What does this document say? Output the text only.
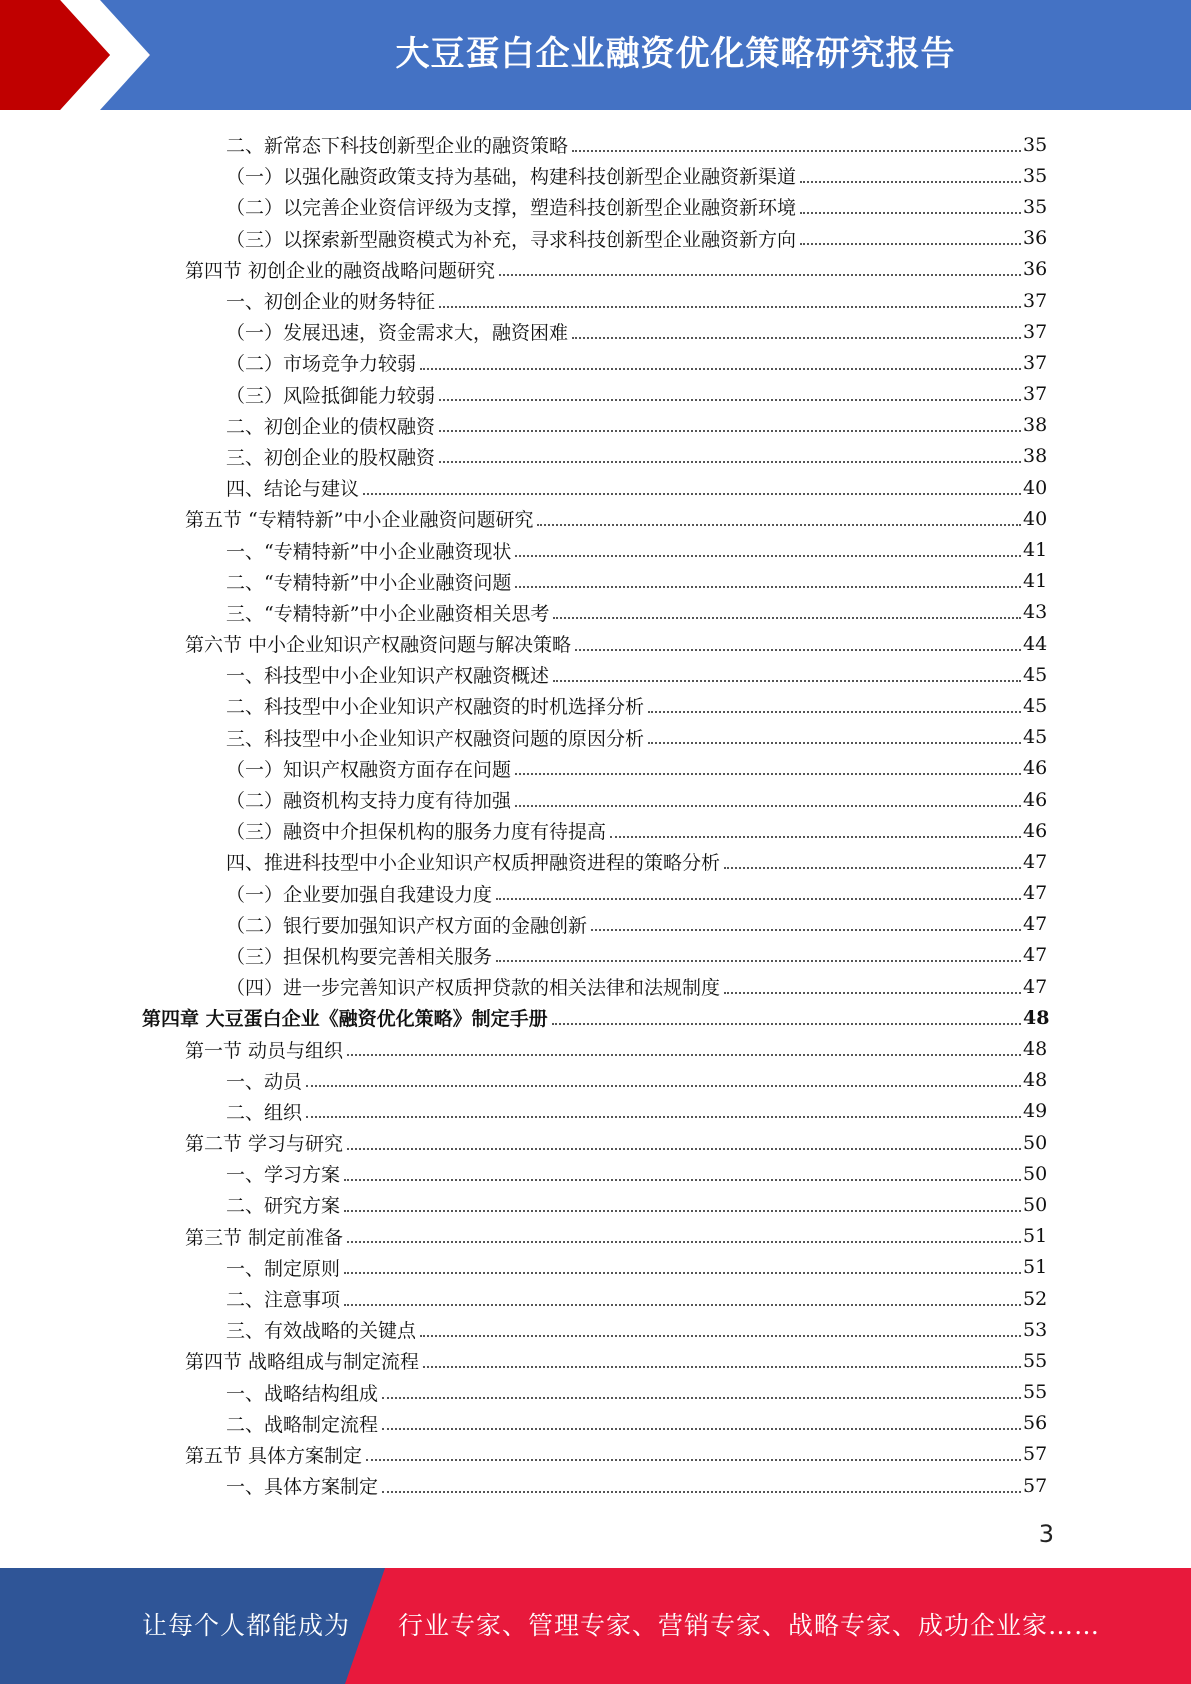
大豆蛋白企业融资优化策略研究报告
二、新常态下科技创新型企业的融资策略	35
（一）以强化融资政策支持为基础，构建科技创新型企业融资新渠道	35
（二）以完善企业资信评级为支撑，塑造科技创新型企业融资新环境	35
（三）以探索新型融资模式为补充，寻求科技创新型企业融资新方向	36
第四节 初创企业的融资战略问题研究	36
一、初创企业的财务特征	37
（一）发展迅速，资金需求大，融资困难	37
（二）市场竞争力较弱	37
（三）风险抵御能力较弱	37
二、初创企业的债权融资	38
三、初创企业的股权融资	38
四、结论与建议	40
第五节 “专精特新”中小企业融资问题研究	40
一、“专精特新”中小企业融资现状	41
二、“专精特新”中小企业融资问题	41
三、“专精特新”中小企业融资相关思考	43
第六节 中小企业知识产权融资问题与解决策略	44
一、科技型中小企业知识产权融资概述	45
二、科技型中小企业知识产权融资的时机选择分析	45
三、科技型中小企业知识产权融资问题的原因分析	45
（一）知识产权融资方面存在问题	46
（二）融资机构支持力度有待加强	46
（三）融资中介担保机构的服务力度有待提高	46
四、推进科技型中小企业知识产权质押融资进程的策略分析	47
（一）企业要加强自我建设力度	47
（二）银行要加强知识产权方面的金融创新	47
（三）担保机构要完善相关服务	47
（四）进一步完善知识产权质押贷款的相关法律和法规制度	47
第四章 大豆蛋白企业《融资优化策略》制定手册	48
第一节 动员与组织	48
一、动员	48
二、组织	49
第二节 学习与研究	50
一、学习方案	50
二、研究方案	50
第三节 制定前准备	51
一、制定原则	51
二、注意事项	52
三、有效战略的关键点	53
第四节 战略组成与制定流程	55
一、战略结构组成	55
二、战略制定流程	56
第五节 具体方案制定	57
一、具体方案制定	57
3
让每个人都能成为 行业专家、管理专家、营销专家、战略专家、成功企业家……
